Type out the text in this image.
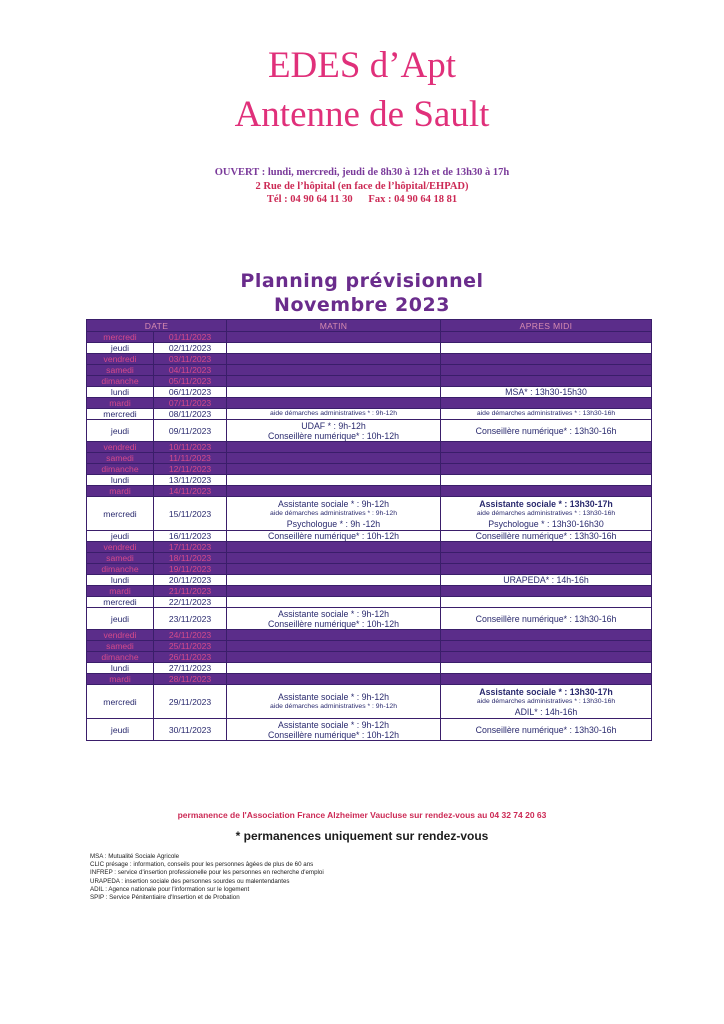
EDES d’Apt
Antenne de Sault
OUVERT : lundi, mercredi, jeudi de 8h30 à 12h et de 13h30 à 17h
2 Rue de l’hôpital (en face de l’hôpital/EHPAD)
Tél : 04 90 64 11 30      Fax : 04 90 64 18 81
Planning prévisionnel
Novembre 2023
DATE		MATIN	APRES MIDI
mercredi	01/11/2023		
jeudi	02/11/2023		
vendredi	03/11/2023		
samedi	04/11/2023		
dimanche	05/11/2023		
lundi	06/11/2023		MSA* : 13h30-15h30

mardi	07/11/2023		
mercredi	08/11/2023	aide démarches administratives * : 9h-12h	aide démarches administratives * : 13h30-16h

jeudi	09/11/2023	UDAF * : 9h-12h
Conseillère numérique* : 10h-12h	Conseillère numérique* : 13h30-16h

vendredi	10/11/2023		
samedi	11/11/2023		
dimanche	12/11/2023		
lundi	13/11/2023		
mardi	14/11/2023		
mercredi	15/11/2023	Assistante sociale * : 9h-12h
aide démarches administratives * : 9h-12h
Psychologue * : 9h -12h	Assistante sociale * : 13h30-17h
aide démarches administratives * : 13h30-16h
Psychologue * : 13h30-16h30

jeudi	16/11/2023	Conseillère numérique* : 10h-12h	Conseillère numérique* : 13h30-16h

vendredi	17/11/2023		
samedi	18/11/2023		
dimanche	19/11/2023		
lundi	20/11/2023		URAPEDA* : 14h-16h

mardi	21/11/2023		
mercredi	22/11/2023		
jeudi	23/11/2023	Assistante sociale * : 9h-12h
Conseillère numérique* : 10h-12h	Conseillère numérique* : 13h30-16h

vendredi	24/11/2023		
samedi	25/11/2023		
dimanche	26/11/2023		
lundi	27/11/2023		
mardi	28/11/2023		
mercredi	29/11/2023	Assistante sociale * : 9h-12h
aide démarches administratives * : 9h-12h	Assistante sociale * : 13h30-17h
aide démarches administratives * : 13h30-16h
ADIL* : 14h-16h

jeudi	30/11/2023	Assistante sociale * : 9h-12h
Conseillère numérique* : 10h-12h	Conseillère numérique* : 13h30-16h
permanence de l'Association France Alzheimer Vaucluse sur rendez-vous au 04 32 74 20 63
* permanences uniquement sur rendez-vous
MSA : Mutualité Sociale Agricole
CLIC présage : information, conseils pour les personnes âgées de plus de 60 ans
INFREP : service d'insertion professionelle pour les personnes en recherche d'emploi
URAPEDA : insertion sociale des personnes sourdes ou malentendantes
ADIL : Agence nationale pour l'information sur le logement
SPIP : Service Pénitentiaire d'Insertion et de Probation
